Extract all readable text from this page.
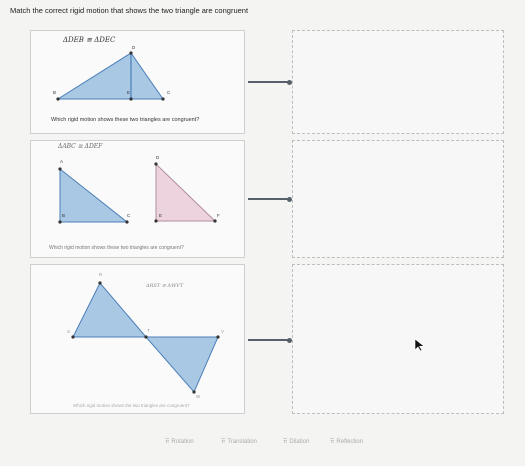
Match the correct rigid motion that shows the two triangle are congruent
ΔDEB ≅ ΔDEC
D
B	E	C
Which rigid motion shows these two triangles are congruent?
ΔABC ≅ ΔDEF
A
B	C
D
E	F
Which rigid motion shows these two triangles are congruent?
ΔRST ≅ ΔWVT
R
S	T	V
W
Which rigid motion shows the two triangles are congruent?
⠿ Rotation	⠿ Translation	⠿ Dilation	⠿ Reflection
